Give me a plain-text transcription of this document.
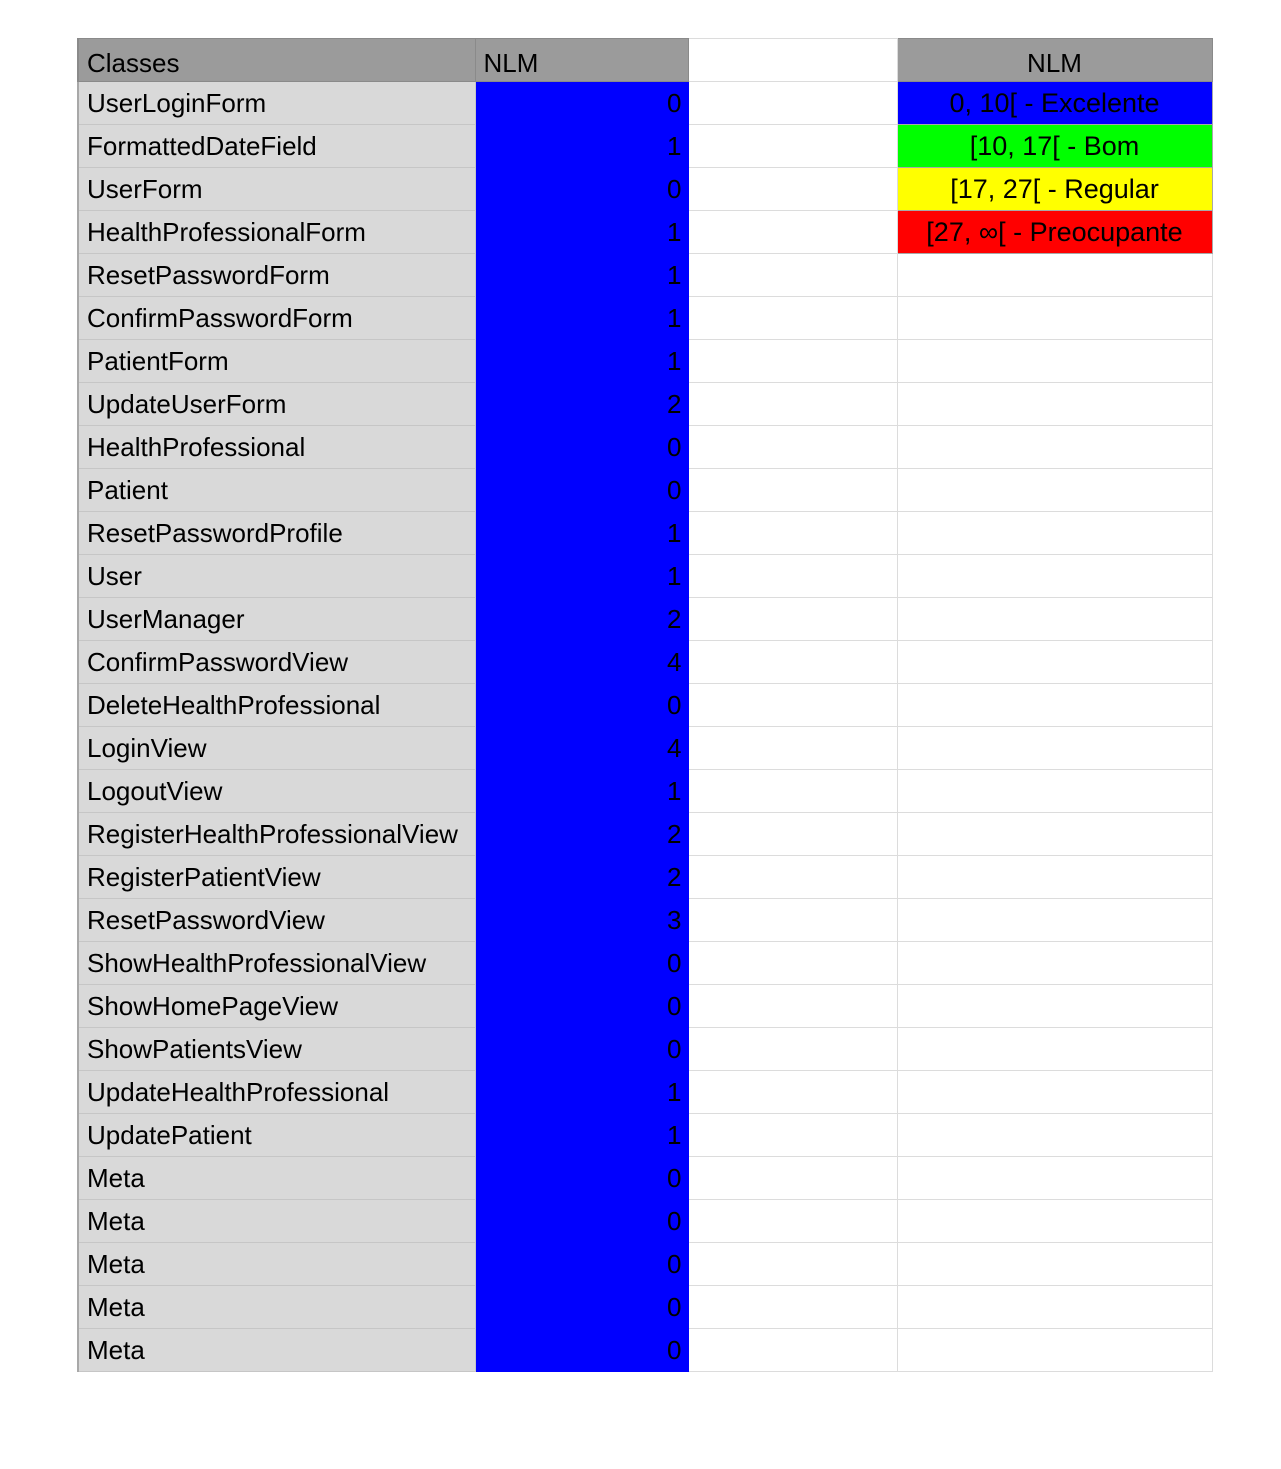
Classes	NLM		NLM
UserLoginForm	0		0, 10[ - Excelente
FormattedDateField	1		[10, 17[ - Bom
UserForm	0		[17, 27[ - Regular
HealthProfessionalForm	1		[27, ∞[ - Preocupante
ResetPasswordForm	1		
ConfirmPasswordForm	1		
PatientForm	1		
UpdateUserForm	2		
HealthProfessional	0		
Patient	0		
ResetPasswordProfile	1		
User	1		
UserManager	2		
ConfirmPasswordView	4		
DeleteHealthProfessional	0		
LoginView	4		
LogoutView	1		
RegisterHealthProfessionalView	2		
RegisterPatientView	2		
ResetPasswordView	3		
ShowHealthProfessionalView	0		
ShowHomePageView	0		
ShowPatientsView	0		
UpdateHealthProfessional	1		
UpdatePatient	1		
Meta	0		
Meta	0		
Meta	0		
Meta	0		
Meta	0		
